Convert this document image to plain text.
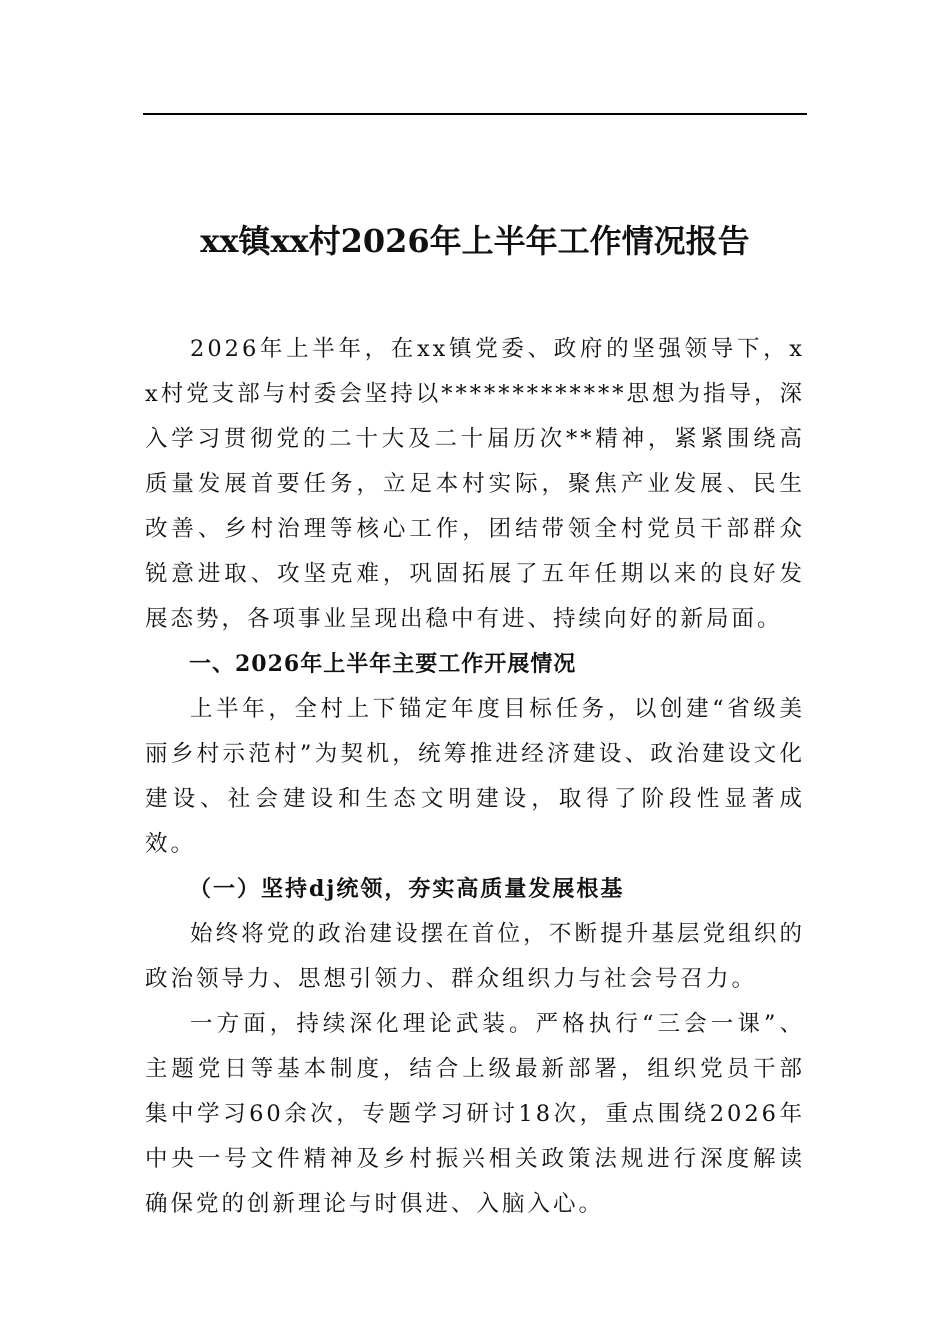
xx镇xx村2026年上半年工作情况报告

2026年上半年，在xx镇党委、政府的坚强领导下，xx村党支部与村委会坚持以*************思想为指导，深入学习贯彻党的二十大及二十届历次**精神，紧紧围绕高质量发展首要任务，立足本村实际，聚焦产业发展、民生改善、乡村治理等核心工作，团结带领全村党员干部群众锐意进取、攻坚克难，巩固拓展了五年任期以来的良好发展态势，各项事业呈现出稳中有进、持续向好的新局面。

一、2026年上半年主要工作开展情况

上半年，全村上下锚定年度目标任务，以创建“省级美丽乡村示范村”为契机，统筹推进经济建设、政治建设文化建设、社会建设和生态文明建设，取得了阶段性显著成效。

（一）坚持dj统领，夯实高质量发展根基

始终将党的政治建设摆在首位，不断提升基层党组织的政治领导力、思想引领力、群众组织力与社会号召力。

一方面，持续深化理论武装。严格执行“三会一课”、主题党日等基本制度，结合上级最新部署，组织党员干部集中学习60余次，专题学习研讨18次，重点围绕2026年中央一号文件精神及乡村振兴相关政策法规进行深度解读确保党的创新理论与时俱进、入脑入心。
